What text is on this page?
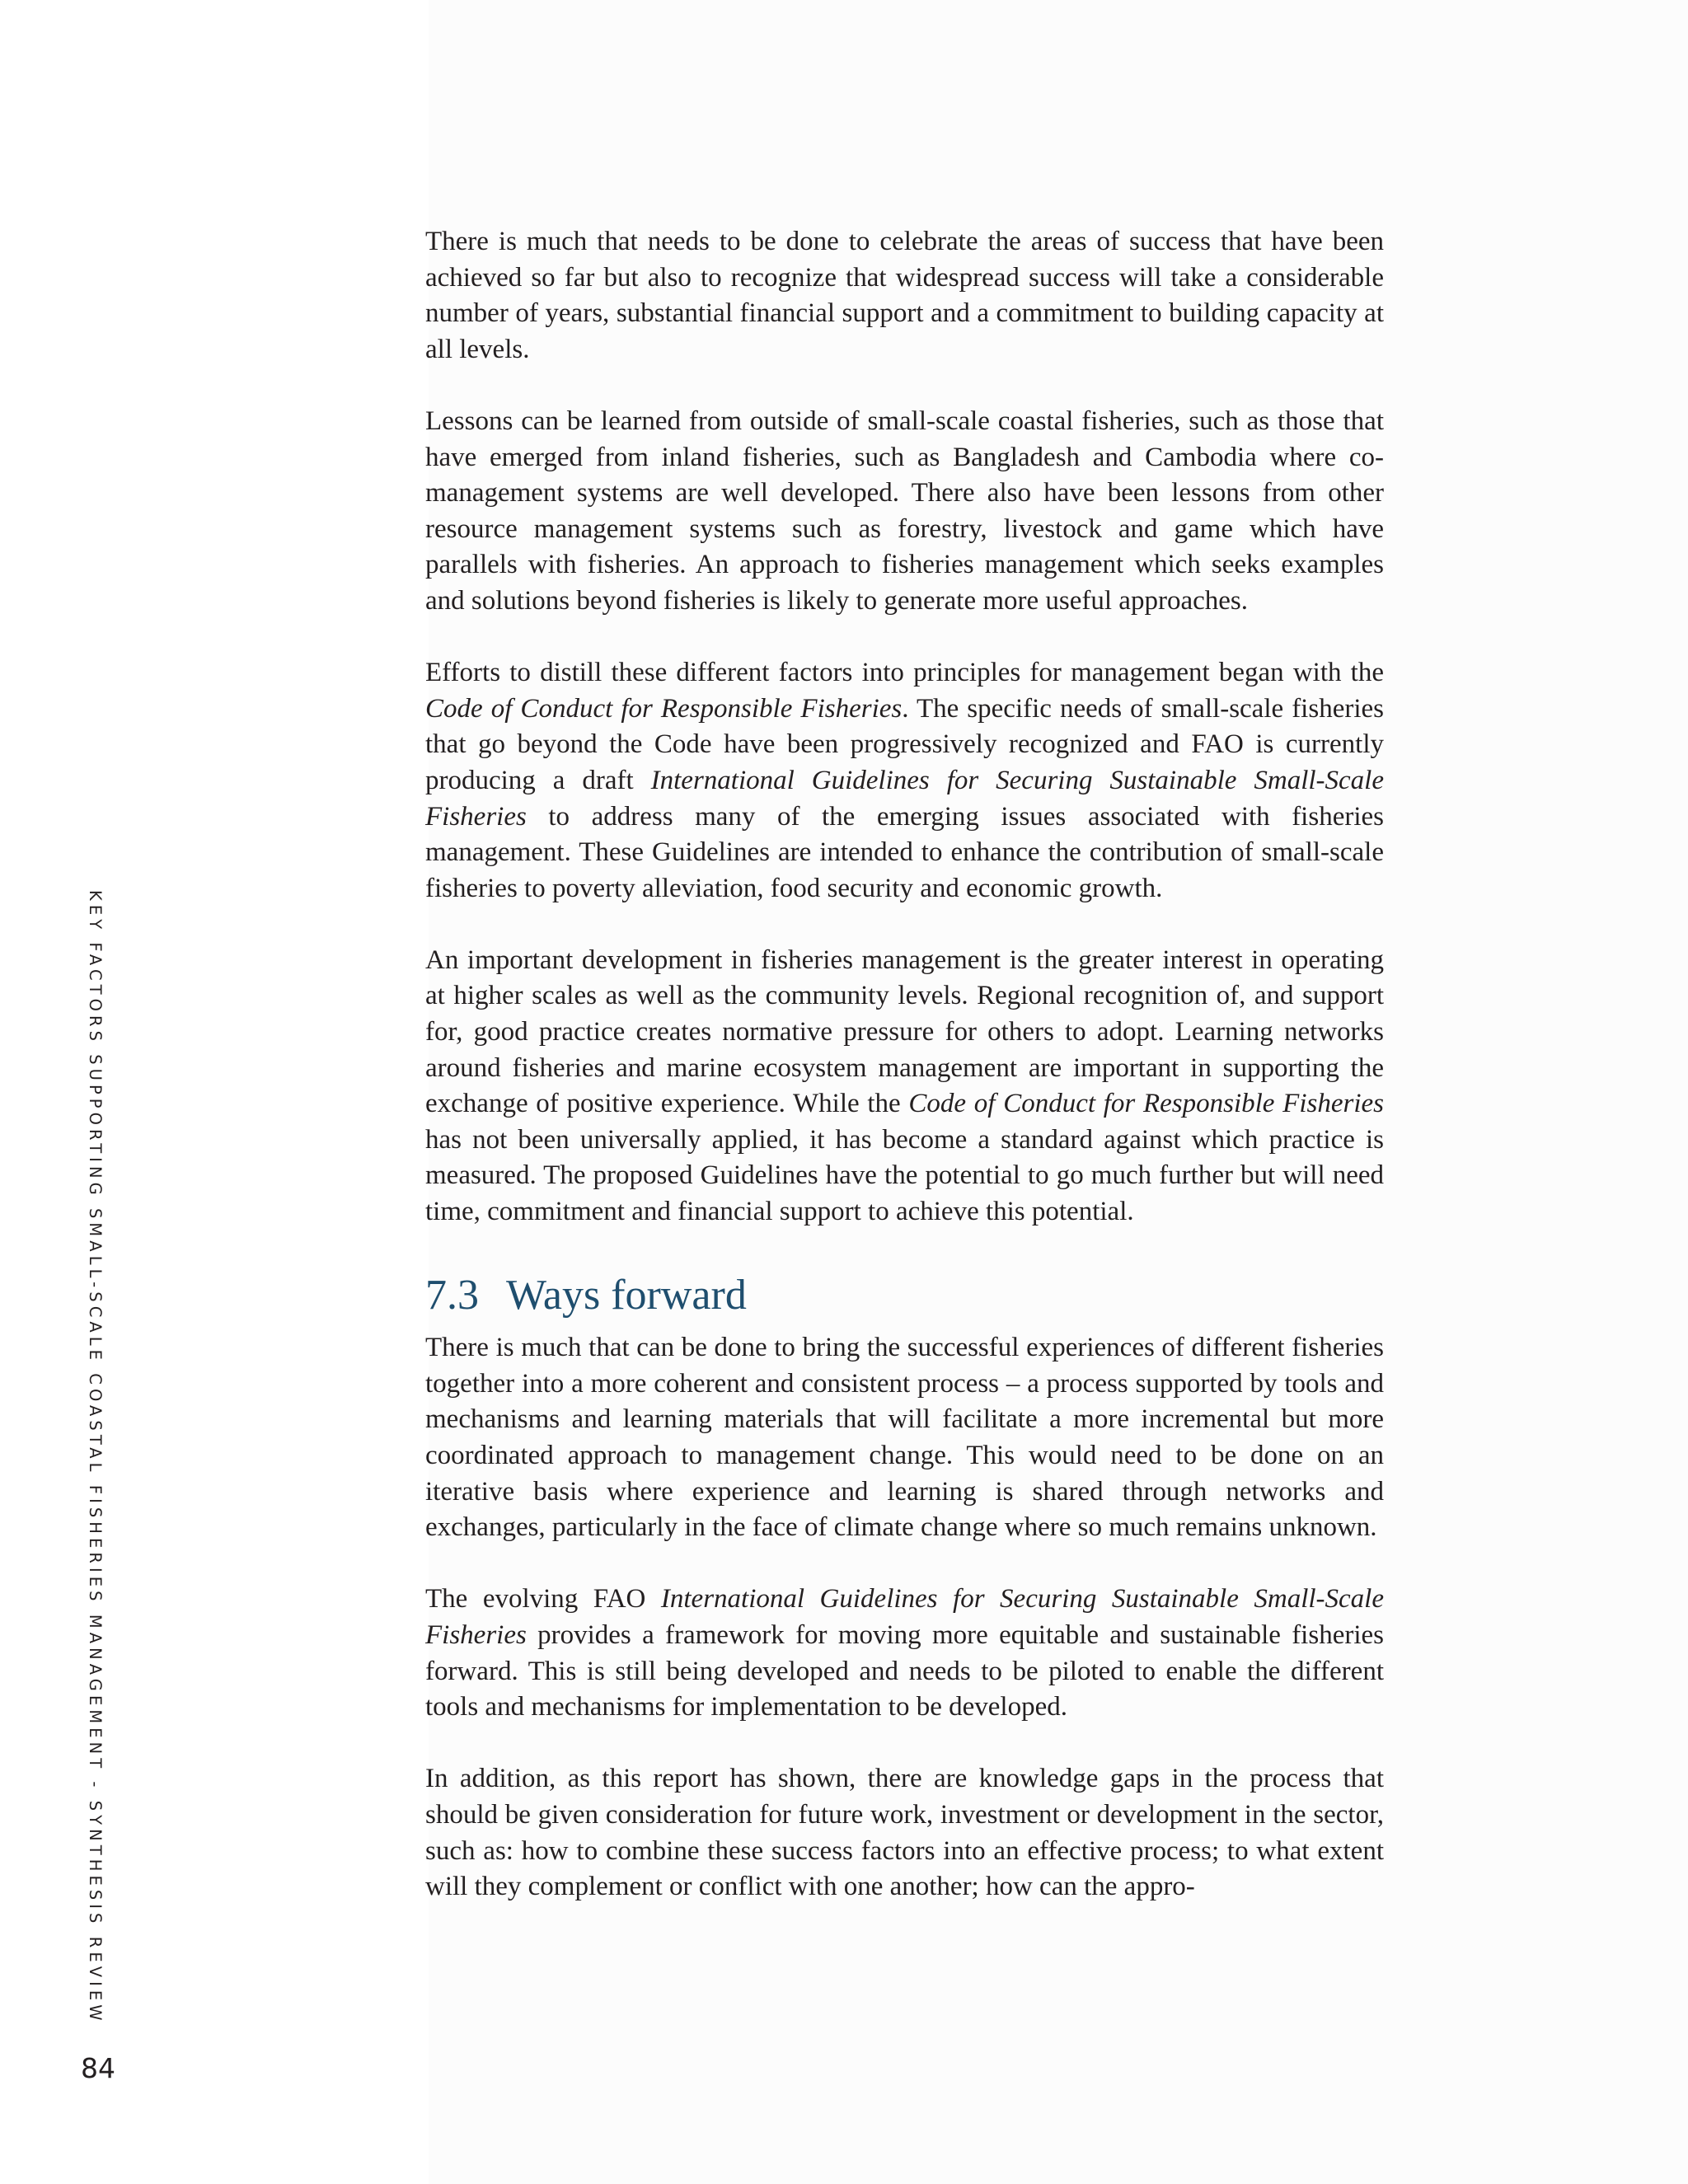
KEY FACTORS SUPPORTING SMALL-SCALE COASTAL FISHERIES MANAGEMENT - SYNTHESIS REVIEW

There is much that needs to be done to celebrate the areas of success that have been achieved so far but also to recognize that widespread success will take a considerable number of years, substantial financial support and a commitment to building capacity at all levels.

Lessons can be learned from outside of small-scale coastal fisheries, such as those that have emerged from inland fisheries, such as Bangladesh and Cambodia where co-management systems are well developed. There also have been lessons from other resource management systems such as forestry, livestock and game which have parallels with fisheries. An approach to fisheries management which seeks examples and solutions beyond fisheries is likely to generate more useful approaches.

Efforts to distill these different factors into principles for management began with the Code of Conduct for Responsible Fisheries. The specific needs of small-scale fisheries that go beyond the Code have been progressively recognized and FAO is currently producing a draft International Guidelines for Securing Sustainable Small-Scale Fisheries to address many of the emerging issues associated with fisheries management. These Guidelines are intended to enhance the contribution of small-scale fisheries to poverty alleviation, food security and economic growth.

An important development in fisheries management is the greater interest in operating at higher scales as well as the community levels. Regional recognition of, and support for, good practice creates normative pressure for others to adopt. Learning networks around fisheries and marine ecosystem management are important in supporting the exchange of positive experience. While the Code of Conduct for Responsible Fisheries has not been universally applied, it has become a standard against which practice is measured. The proposed Guidelines have the potential to go much further but will need time, commitment and financial support to achieve this potential.

7.3 Ways forward

There is much that can be done to bring the successful experiences of different fisheries together into a more coherent and consistent process – a process supported by tools and mechanisms and learning materials that will facilitate a more incremental but more coordinated approach to management change. This would need to be done on an iterative basis where experience and learning is shared through networks and exchanges, particularly in the face of climate change where so much remains unknown.

The evolving FAO International Guidelines for Securing Sustainable Small-Scale Fisheries provides a framework for moving more equitable and sustainable fisheries forward. This is still being developed and needs to be piloted to enable the different tools and mechanisms for implementation to be developed.

In addition, as this report has shown, there are knowledge gaps in the process that should be given consideration for future work, investment or development in the sector, such as: how to combine these success factors into an effective process; to what extent will they complement or conflict with one another; how can the appro-

84
